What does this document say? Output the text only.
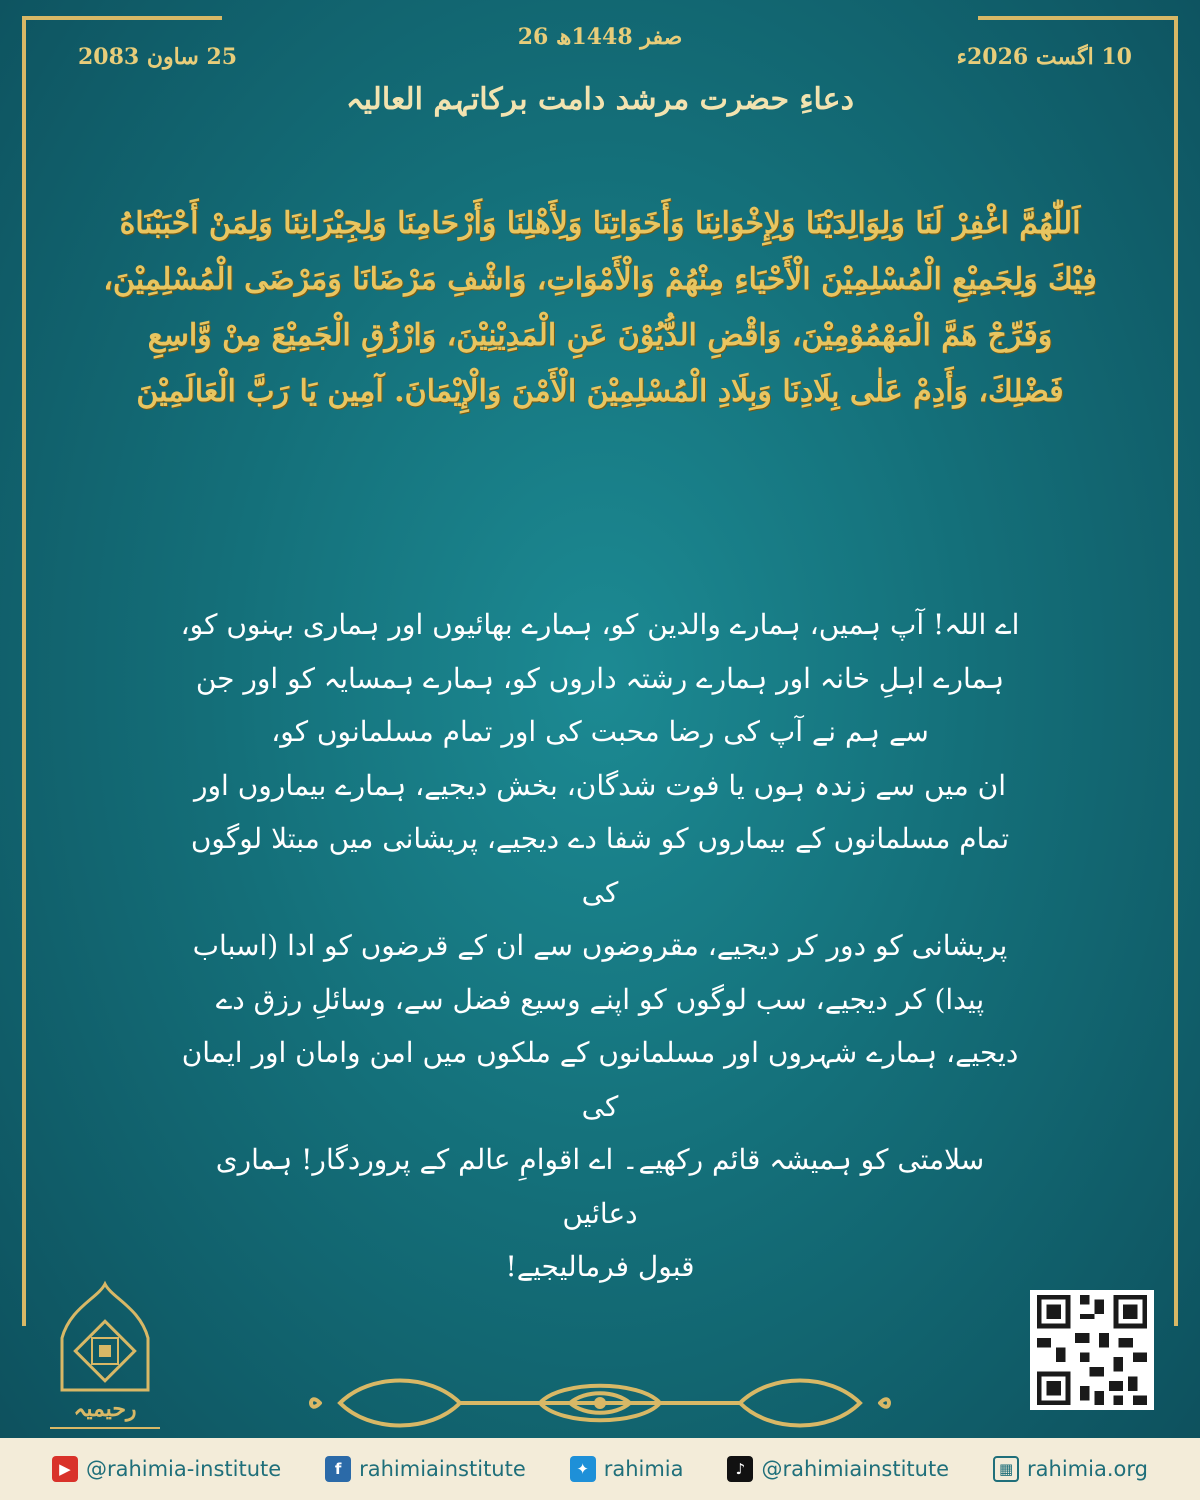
26 صفر 1448ھ
10 اگست 2026ء
25 ساون 2083
دعاءِ حضرت مرشد دامت برکاتہم العالیہ
اَللّٰهُمَّ اغْفِرْ لَنَا وَلِوَالِدَيْنَا وَلِإِخْوَانِنَا وَأَخَوَاتِنَا وَلِأَهْلِنَا وَأَرْحَامِنَا وَلِجِيْرَانِنَا وَلِمَنْ أَحْبَبْنَاهُ فِيْكَ وَلِجَمِيْعِ الْمُسْلِمِيْنَ الْأَحْيَاءِ مِنْهُمْ وَالْأَمْوَاتِ، وَاشْفِ مَرْضَانَا وَمَرْضَى الْمُسْلِمِيْنَ، وَفَرِّجْ هَمَّ الْمَهْمُوْمِيْنَ، وَاقْضِ الدُّيُوْنَ عَنِ الْمَدِيْنِيْنَ، وَارْزُقِ الْجَمِيْعَ مِنْ وَّاسِعِ فَضْلِكَ، وَأَدِمْ عَلٰى بِلَادِنَا وَبِلَادِ الْمُسْلِمِيْنَ الْأَمْنَ وَالْإِيْمَانَ. آمِين يَا رَبَّ الْعَالَمِيْنَ

اے اللہ! آپ ہمیں، ہمارے والدین کو، ہمارے بھائیوں اور ہماری بہنوں کو،

ہمارے اہلِ خانہ اور ہمارے رشتہ داروں کو، ہمارے ہمسایہ کو اور جن

سے ہم نے آپ کی رضا محبت کی اور تمام مسلمانوں کو،

ان میں سے زندہ ہوں یا فوت شدگان، بخش دیجیے، ہمارے بیماروں اور

تمام مسلمانوں کے بیماروں کو شفا دے دیجیے، پریشانی میں مبتلا لوگوں کی

پریشانی کو دور کر دیجیے، مقروضوں سے ان کے قرضوں کو ادا (اسباب

پیدا) کر دیجیے، سب لوگوں کو اپنے وسیع فضل سے، وسائلِ رزق دے

دیجیے، ہمارے شہروں اور مسلمانوں کے ملکوں میں امن وامان اور ایمان کی

سلامتی کو ہمیشہ قائم رکھیے۔ اے اقوامِ عالم کے پروردگار! ہماری دعائیں

قبول فرمالیجیے!

رحیمیہ
▶ @rahimia-institute	f rahimiainstitute	✦ rahimia	♪ @rahimiainstitute	▦ rahimia.org
